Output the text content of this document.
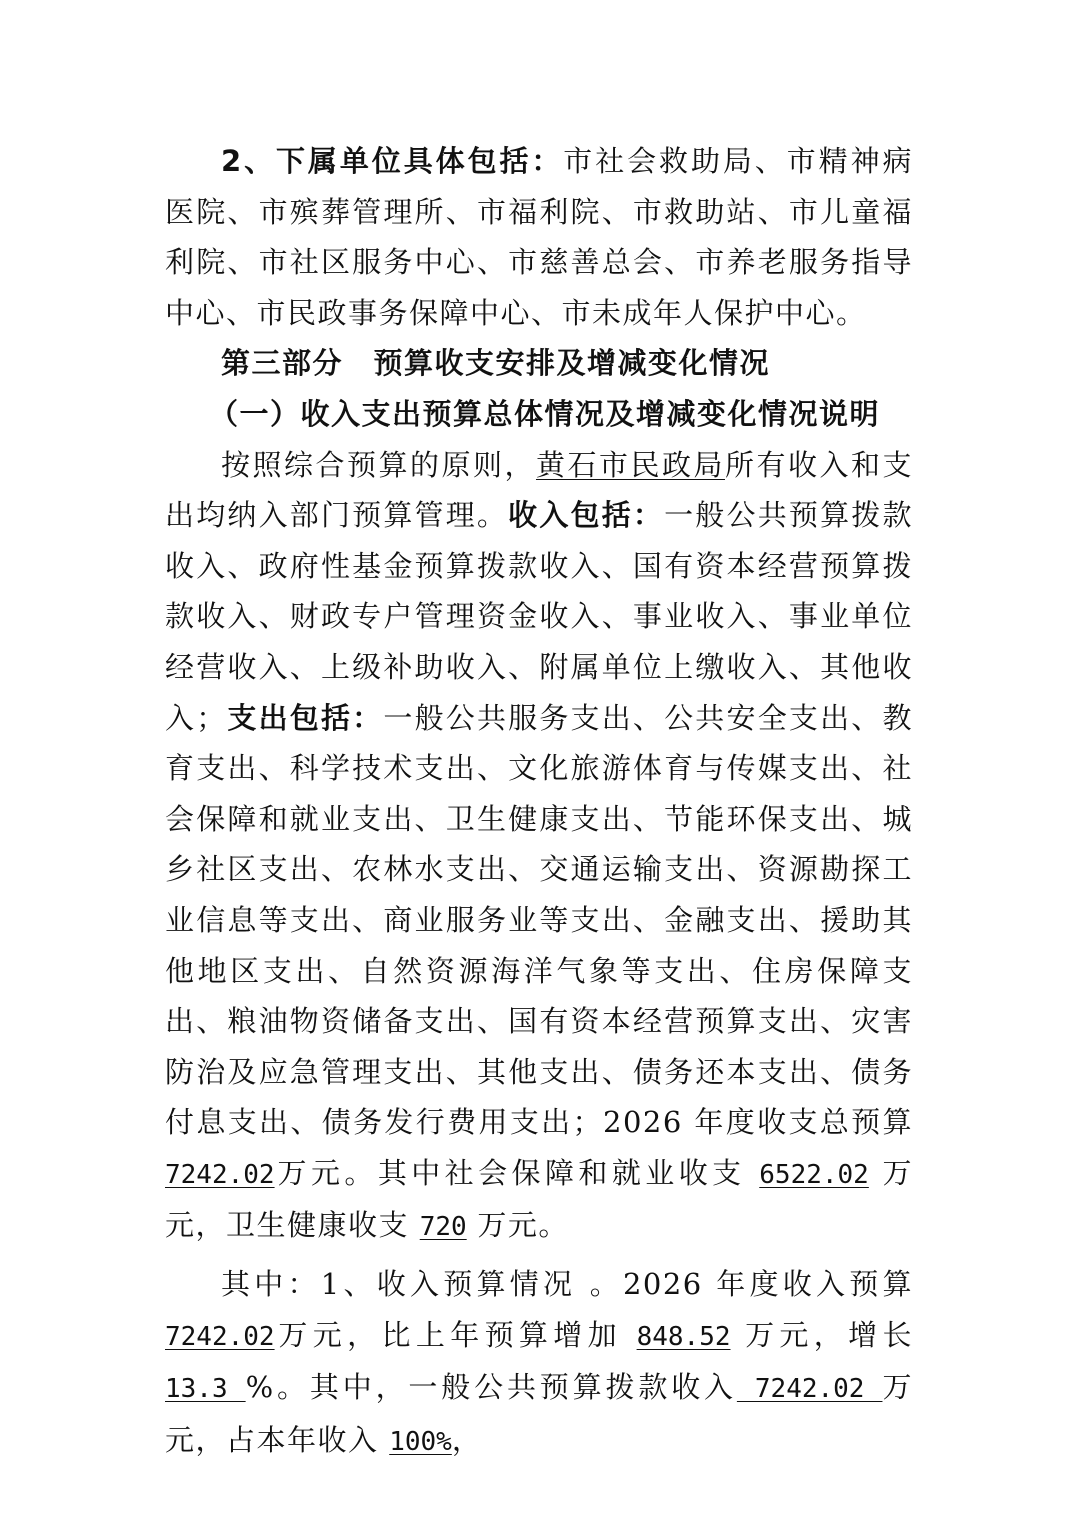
2、下属单位具体包括：市社会救助局、市精神病医院、市殡葬管理所、市福利院、市救助站、市儿童福利院、市社区服务中心、市慈善总会、市养老服务指导中心、市民政事务保障中心、市未成年人保护中心。

第三部分　预算收支安排及增减变化情况

（一）收入支出预算总体情况及增减变化情况说明

按照综合预算的原则，黄石市民政局所有收入和支出均纳入部门预算管理。收入包括：一般公共预算拨款收入、政府性基金预算拨款收入、国有资本经营预算拨款收入、财政专户管理资金收入、事业收入、事业单位经营收入、上级补助收入、附属单位上缴收入、其他收入；支出包括：一般公共服务支出、公共安全支出、教育支出、科学技术支出、文化旅游体育与传媒支出、社会保障和就业支出、卫生健康支出、节能环保支出、城乡社区支出、农林水支出、交通运输支出、资源勘探工业信息等支出、商业服务业等支出、金融支出、援助其他地区支出、自然资源海洋气象等支出、住房保障支出、粮油物资储备支出、国有资本经营预算支出、灾害防治及应急管理支出、其他支出、债务还本支出、债务付息支出、债务发行费用支出；2026 年度收支总预算 7242.02万元。其中社会保障和就业收支 6522.02 万元，卫生健康收支 720 万元。

其中：1、收入预算情况 。2026 年度收入预算 7242.02万元，比上年预算增加 848.52 万元，增长 13.3 %。其中，一般公共预算拨款收入 7242.02 万元，占本年收入 100%，
